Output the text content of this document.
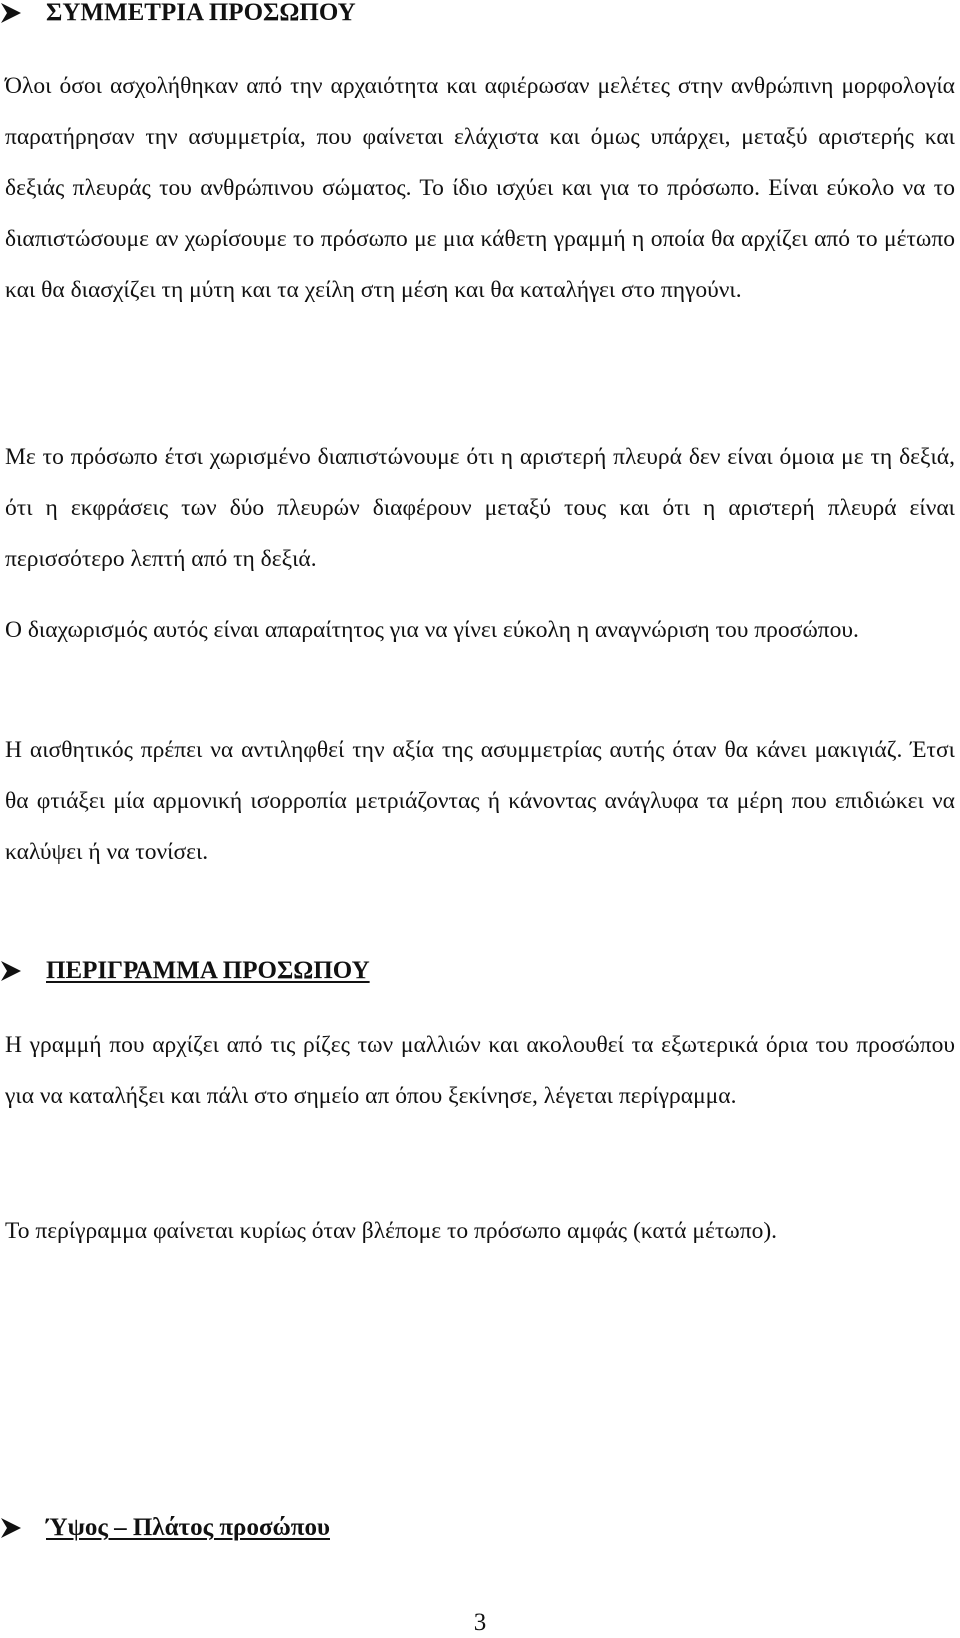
ΣΥΜΜΕΤΡΙΑ ΠΡΟΣΩΠΟΥ

Όλοι όσοι ασχολήθηκαν από την αρχαιότητα και αφιέρωσαν μελέτες στην ανθρώπινη μορφολογία παρατήρησαν την ασυμμετρία, που φαίνεται ελάχιστα και όμως υπάρχει, μεταξύ αριστερής και δεξιάς πλευράς του ανθρώπινου σώματος. Το ίδιο ισχύει και για το πρόσωπο. Είναι εύκολο να το διαπιστώσουμε αν χωρίσουμε το πρόσωπο με μια κάθετη γραμμή η οποία θα αρχίζει από το μέτωπο και θα διασχίζει τη μύτη και τα χείλη στη μέση και θα καταλήγει στο πηγούνι.

Με το πρόσωπο έτσι χωρισμένο διαπιστώνουμε ότι η αριστερή πλευρά δεν είναι όμοια με τη δεξιά, ότι η εκφράσεις των δύο πλευρών διαφέρουν μεταξύ τους και ότι η αριστερή πλευρά είναι περισσότερο λεπτή από τη δεξιά.

Ο διαχωρισμός αυτός είναι απαραίτητος για να γίνει εύκολη η αναγνώριση του προσώπου.

Η αισθητικός πρέπει να αντιληφθεί την αξία της ασυμμετρίας αυτής όταν θα κάνει μακιγιάζ. Έτσι θα φτιάξει μία αρμονική ισορροπία μετριάζοντας ή κάνοντας ανάγλυφα τα μέρη που επιδιώκει να καλύψει ή να τονίσει.

ΠΕΡΙΓΡΑΜΜΑ ΠΡΟΣΩΠΟΥ

Η γραμμή που αρχίζει από τις ρίζες των μαλλιών και ακολουθεί τα εξωτερικά όρια του προσώπου για να καταλήξει και πάλι στο σημείο απ όπου ξεκίνησε, λέγεται περίγραμμα.

Το περίγραμμα φαίνεται κυρίως όταν βλέπομε το πρόσωπο αμφάς (κατά μέτωπο).

Ύψος – Πλάτος προσώπου
3
